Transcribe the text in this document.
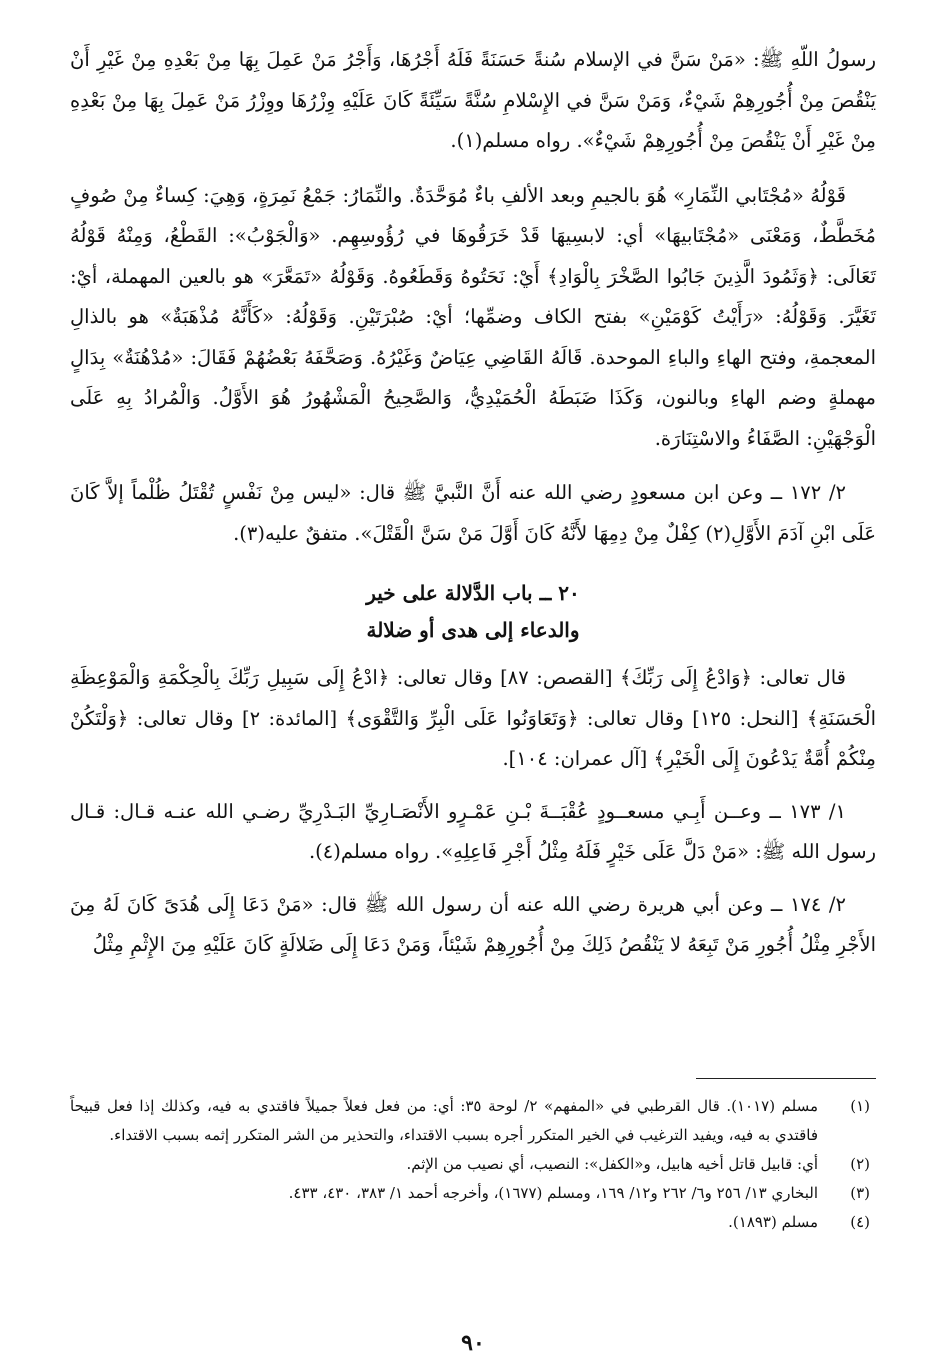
رسولُ اللّهِ ﷺ: «مَنْ سَنَّ في الإسلام سُنةً حَسَنَةً فَلَهُ أَجْرُهَا، وَأَجْرُ مَنْ عَمِلَ بِهَا مِنْ بَعْدِهِ مِنْ غَيْرِ أَنْ يَنْقُصَ مِنْ أُجُورِهِمْ شَيْءٌ، وَمَنْ سَنَّ في الإِسْلامِ سُنَّةً سَيِّئَةً كَانَ عَلَيْهِ وِزْرُهَا ووِزْرُ مَنْ عَمِلَ بِهَا مِنْ بَعْدِهِ مِنْ غَيْرِ أَنْ يَنْقُصَ مِنْ أُجُورِهِمْ شَيْءٌ». رواه مسلم(١).

قَوْلُهُ «مُجْتَابي النِّمَارِ» هُوَ بالجيمِ وبعد الألفِ باءٌ مُوَحَّدَةٌ. والنِّمَارُ: جَمْعُ نَمِرَةٍ، وَهِيَ: كِساءٌ مِنْ صُوفٍ مُخَطَّطٌ، وَمَعْنَى «مُجْتَابيهَا» أي: لابسِيهَا قَدْ خَرَقُوهَا في رُؤُوسِهِم. «وَالْجَوْبُ»: القَطْعُ، وَمِنْهُ قَوْلُهُ تَعَالَى: ﴿وَثَمُودَ الَّذِينَ جَابُوا الصَّخْرَ بِالْوَادِ﴾ أَيْ: نَحَتُوهُ وَقَطَعُوهُ. وَقَوْلُهُ «تَمَعَّرَ» هو بالعين المهملة، أيْ: تَغَيَّرَ. وَقَوْلُهُ: «رَأَيْتُ كَوْمَيْنِ» بفتح الكاف وضمِّها؛ أيْ: صُبْرَتَيْنِ. وَقَوْلُهُ: «كَأَنَّهُ مُذْهَبَةٌ» هو بالذالِ المعجمةِ، وفتح الهاءِ والباءِ الموحدة. قَالَهُ القَاضِي عِيَاضٌ وَغَيْرُهُ. وَصَحَّفَهُ بَعْضُهُمْ فَقَالَ: «مُدْهُنَةٌ» بِدَالٍ مهملةٍ وضم الهاءِ وبالنون، وَكَذَا ضَبَطَهُ الْحُمَيْدِيُّ، وَالصَّحِيحُ الْمَشْهُورُ هُوَ الأَوَّلُ. وَالْمُرادُ بِهِ عَلَى الْوَجْهَيْنِ: الصَّفَاءُ والاسْتِنَارَة.

٢/ ١٧٢ ــ وعن ابن مسعودٍ رضي الله عنه أَنَّ النَّبيَّ ﷺ قال: «ليس مِنْ نَفْسٍ تُقْتَلُ ظُلْماً إلاَّ كَانَ عَلَى ابْنِ آدَمَ الأَوَّلِ(٢) كِفْلٌ مِنْ دِمِهَا لأَنَّهُ كَانَ أَوَّلَ مَنْ سَنَّ الْقَتْلَ». متفقٌ عليه(٣).

٢٠ ــ باب الدَّلالة على خير
والدعاء إلى هدى أو ضلالة

قال تعالى: ﴿وَادْعُ إِلَى رَبِّكَ﴾ [القصص: ٨٧] وقال تعالى: ﴿ادْعُ إِلَى سَبِيلِ رَبِّكَ بِالْحِكْمَةِ وَالْمَوْعِظَةِ الْحَسَنَةِ﴾ [النحل: ١٢٥] وقال تعالى: ﴿وَتَعَاوَنُوا عَلَى الْبِرِّ وَالتَّقْوَى﴾ [المائدة: ٢] وقال تعالى: ﴿وَلْتَكُنْ مِنْكُمْ أُمَّةٌ يَدْعُونَ إِلَى الْخَيْرِ﴾ [آل عمران: ١٠٤].

١/ ١٧٣ ــ وعــن أَبِـي مسعــودٍ عُقْبَــةَ بْـنِ عَمْـرٍو الأَنْصَـارِيِّ البَـدْرِيِّ رضـي الله عنـه قـال: قـال رسول الله ﷺ: «مَنْ دَلَّ عَلَى خَيْرٍ فَلَهُ مِثْلُ أَجْرِ فَاعِلِهِ». رواه مسلم(٤).

٢/ ١٧٤ ــ وعن أبي هريرة رضي الله عنه أن رسول الله ﷺ قال: «مَنْ دَعَا إِلَى هُدَىً كَانَ لَهُ مِنَ الأَجْرِ مِثْلُ أُجُورِ مَنْ تَبِعَهُ لا يَنْقُصُ ذَلِكَ مِنْ أُجُورِهِمْ شَيْئاً، وَمَنْ دَعَا إِلَى ضَلالَةٍ كَانَ عَلَيْهِ مِنَ الإِثْمِ مِثْلُ

(١)
مسلم (١٠١٧). قال القرطبي في «المفهم» ٢/ لوحة ٣٥: أي: من فعل فعلاً جميلاً فاقتدي به فيه، وكذلك إذا فعل قبيحاً فاقتدي به فيه، ويفيد الترغيب في الخير المتكرر أجره بسبب الاقتداء، والتحذير من الشر المتكرر إثمه بسبب الاقتداء.
(٢)
أي: قابيل قاتل أخيه هابيل، و«الكفل»: النصيب، أي نصيب من الإثم.
(٣)
البخاري ١٣/ ٢٥٦ و٦/ ٢٦٢ و١٢/ ١٦٩، ومسلم (١٦٧٧)، وأخرجه أحمد ١/ ٣٨٣، ٤٣٠، ٤٣٣.
(٤)
مسلم (١٨٩٣).
٩٠
